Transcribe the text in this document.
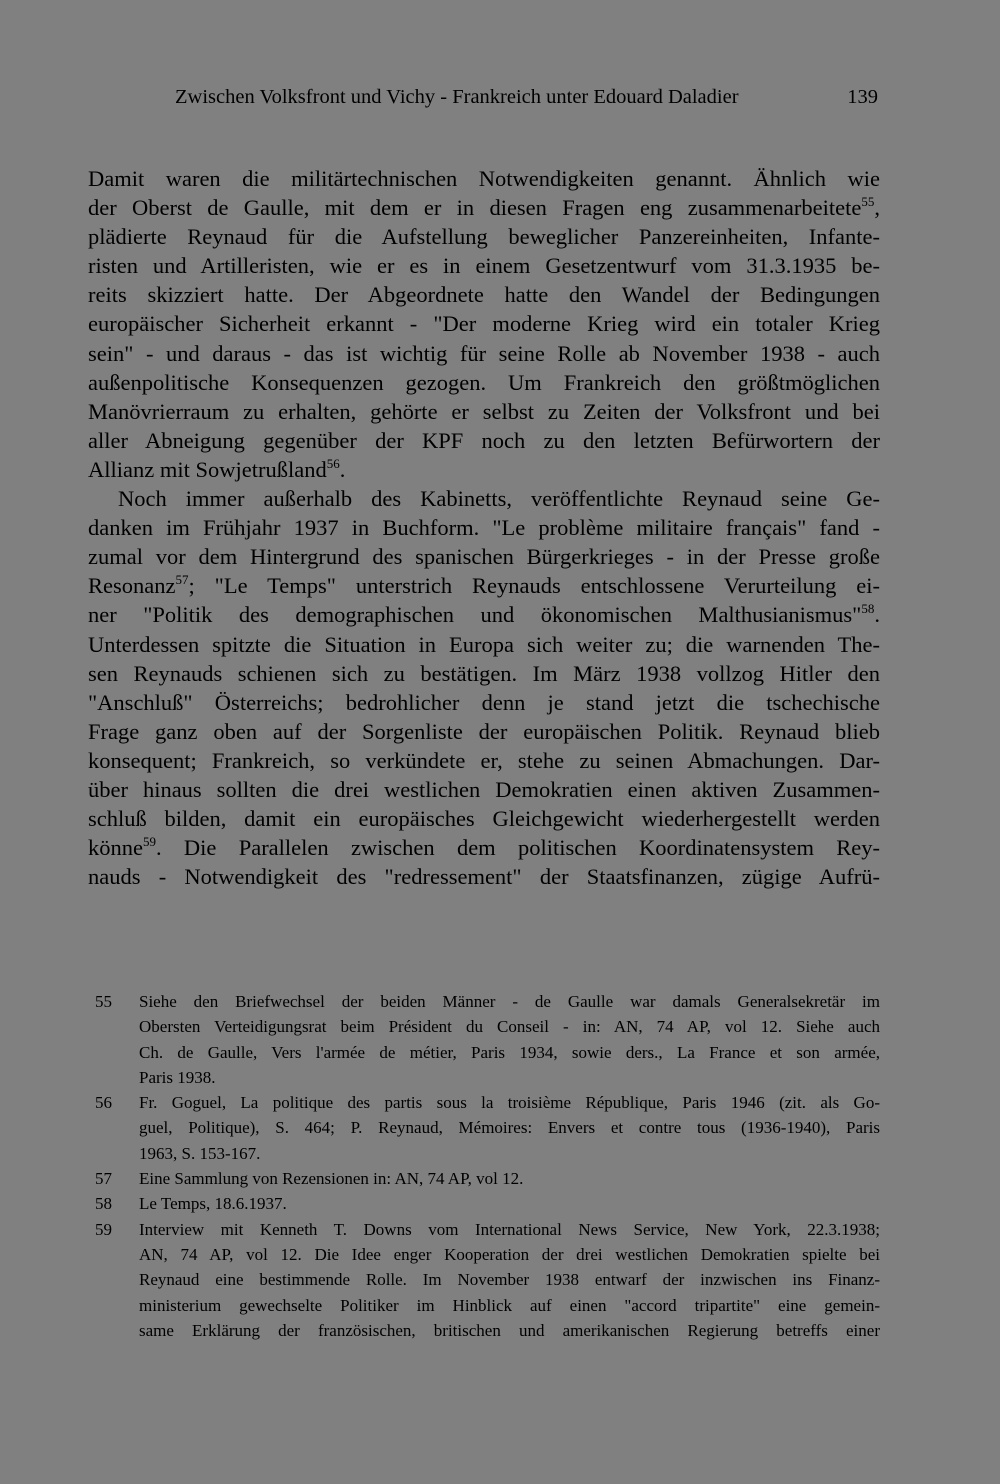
Zwischen Volksfront und Vichy - Frankreich unter Edouard Daladier	139
Damit waren die militärtechnischen Notwendigkeiten genannt. Ähnlich wie
der Oberst de Gaulle, mit dem er in diesen Fragen eng zusammenarbeitete$^{55}$,
plädierte Reynaud für die Aufstellung beweglicher Panzereinheiten, Infante-
risten und Artilleristen, wie er es in einem Gesetzentwurf vom 31.3.1935 be-
reits skizziert hatte. Der Abgeordnete hatte den Wandel der Bedingungen
europäischer Sicherheit erkannt - "Der moderne Krieg wird ein totaler Krieg
sein" - und daraus - das ist wichtig für seine Rolle ab November 1938 - auch
außenpolitische Konsequenzen gezogen. Um Frankreich den größtmöglichen
Manövrierraum zu erhalten, gehörte er selbst zu Zeiten der Volksfront und bei
aller Abneigung gegenüber der KPF noch zu den letzten Befürwortern der
Allianz mit Sowjetrußland$^{56}$.
Noch immer außerhalb des Kabinetts, veröffentlichte Reynaud seine Ge-
danken im Frühjahr 1937 in Buchform. "Le problème militaire français" fand -
zumal vor dem Hintergrund des spanischen Bürgerkrieges - in der Presse große
Resonanz$^{57}$; "Le Temps" unterstrich Reynauds entschlossene Verurteilung ei-
ner "Politik des demographischen und ökonomischen Malthusianismus"$^{58}$.
Unterdessen spitzte die Situation in Europa sich weiter zu; die warnenden The-
sen Reynauds schienen sich zu bestätigen. Im März 1938 vollzog Hitler den
"Anschluß" Österreichs; bedrohlicher denn je stand jetzt die tschechische
Frage ganz oben auf der Sorgenliste der europäischen Politik. Reynaud blieb
konsequent; Frankreich, so verkündete er, stehe zu seinen Abmachungen. Dar-
über hinaus sollten die drei westlichen Demokratien einen aktiven Zusammen-
schluß bilden, damit ein europäisches Gleichgewicht wiederhergestellt werden
könne$^{59}$. Die Parallelen zwischen dem politischen Koordinatensystem Rey-
nauds - Notwendigkeit des "redressement" der Staatsfinanzen, zügige Aufrü-
55 Siehe den Briefwechsel der beiden Männer - de Gaulle war damals Generalsekretär im
Obersten Verteidigungsrat beim Président du Conseil - in: AN, 74 AP, vol 12. Siehe auch
Ch. de Gaulle, Vers l'armée de métier, Paris 1934, sowie ders., La France et son armée,
Paris 1938.
56 Fr. Goguel, La politique des partis sous la troisième République, Paris 1946 (zit. als Go-
guel, Politique), S. 464; P. Reynaud, Mémoires: Envers et contre tous (1936-1940), Paris
1963, S. 153-167.
57 Eine Sammlung von Rezensionen in: AN, 74 AP, vol 12.
58 Le Temps, 18.6.1937.
59 Interview mit Kenneth T. Downs vom International News Service, New York, 22.3.1938;
AN, 74 AP, vol 12. Die Idee enger Kooperation der drei westlichen Demokratien spielte bei
Reynaud eine bestimmende Rolle. Im November 1938 entwarf der inzwischen ins Finanz-
ministerium gewechselte Politiker im Hinblick auf einen "accord tripartite" eine gemein-
same Erklärung der französischen, britischen und amerikanischen Regierung betreffs einer
